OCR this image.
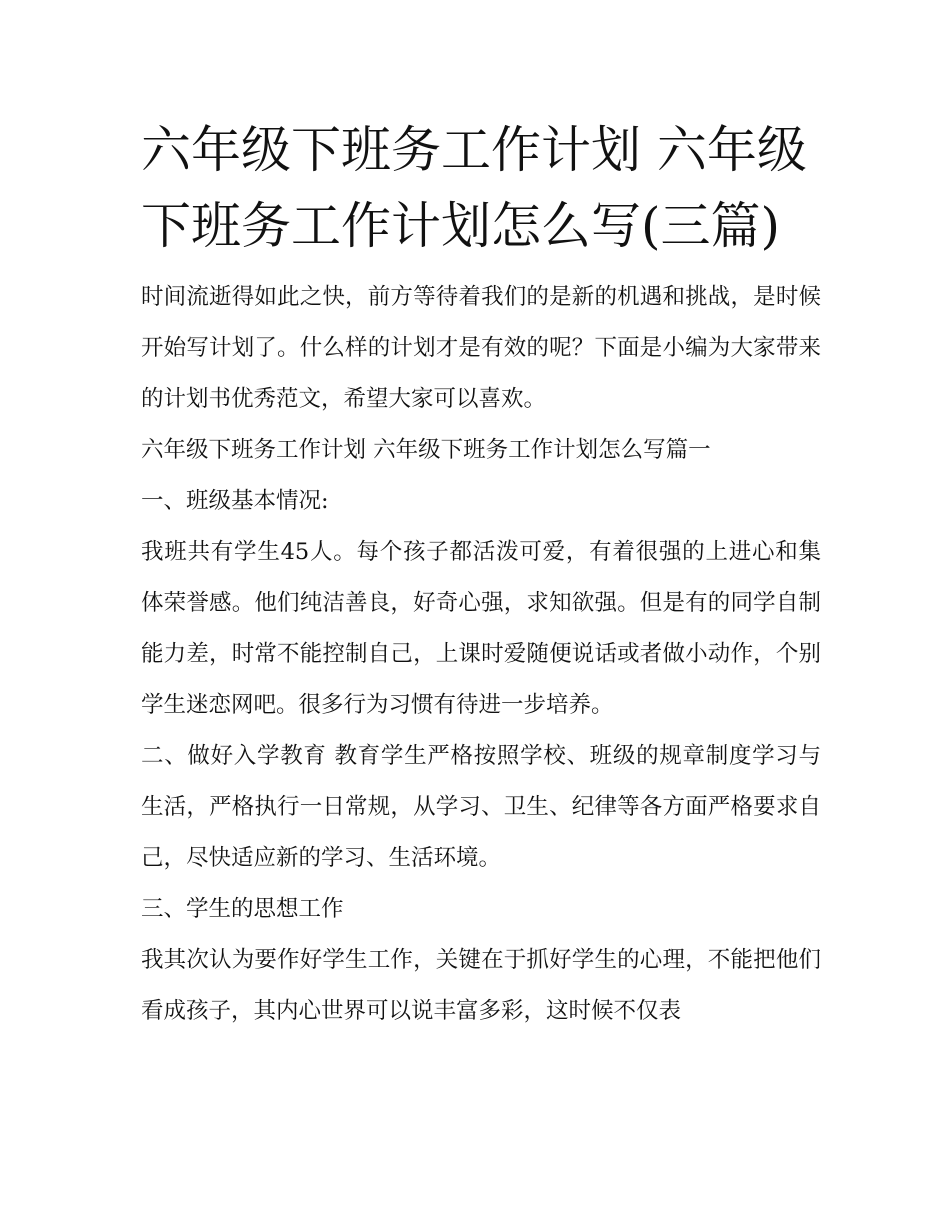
六年级下班务工作计划 六年级下班务工作计划怎么写(三篇)

时间流逝得如此之快，前方等待着我们的是新的机遇和挑战，是时候开始写计划了。什么样的计划才是有效的呢？下面是小编为大家带来的计划书优秀范文，希望大家可以喜欢。

六年级下班务工作计划 六年级下班务工作计划怎么写篇一

一、班级基本情况:

我班共有学生45人。每个孩子都活泼可爱，有着很强的上进心和集体荣誉感。他们纯洁善良，好奇心强，求知欲强。但是有的同学自制能力差，时常不能控制自己，上课时爱随便说话或者做小动作，个别学生迷恋网吧。很多行为习惯有待进一步培养。

二、做好入学教育 教育学生严格按照学校、班级的规章制度学习与生活，严格执行一日常规，从学习、卫生、纪律等各方面严格要求自己，尽快适应新的学习、生活环境。

三、学生的思想工作

我其次认为要作好学生工作，关键在于抓好学生的心理，不能把他们看成孩子，其内心世界可以说丰富多彩，这时候不仅表
